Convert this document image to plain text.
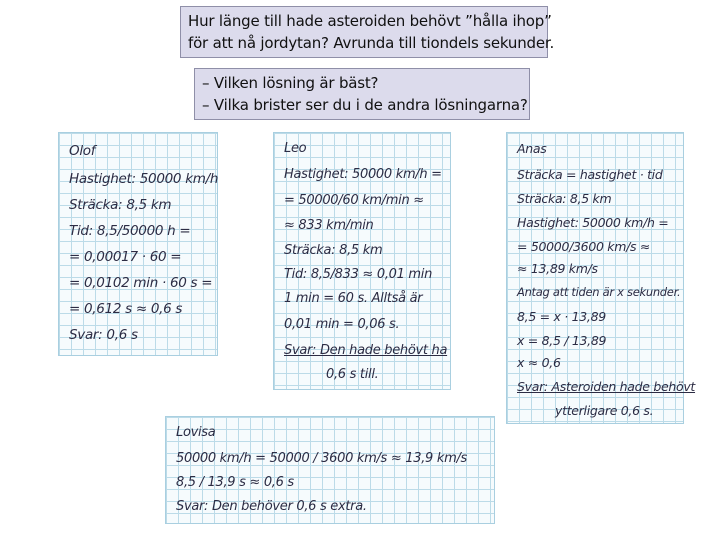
Hur länge till hade asteroiden behövt ”hålla ihop”
för att nå jordytan? Avrunda till tiondels sekunder.
– Vilken lösning är bäst?
– Vilka brister ser du i de andra lösningarna?
Olof
Hastighet: 50000 km/h
Sträcka: 8,5 km
Tid: 8,5/50000 h =
= 0,00017 · 60 =
= 0,0102 min · 60 s =
= 0,612 s ≈ 0,6 s
Svar: 0,6 s
Leo
Hastighet: 50000 km/h =
= 50000/60 km/min ≈
≈ 833 km/min
Sträcka: 8,5 km
Tid: 8,5/833 ≈ 0,01 min
1 min = 60 s. Alltså är
0,01 min = 0,06 s.
Svar: Den hade behövt ha
0,6 s till.
Anas
Sträcka = hastighet · tid
Sträcka: 8,5 km
Hastighet: 50000 km/h =
= 50000/3600 km/s ≈
≈ 13,89 km/s
Antag att tiden är x sekunder.
8,5 = x · 13,89
x = 8,5 / 13,89
x ≈ 0,6
Svar: Asteroiden hade behövt
ytterligare 0,6 s.
Lovisa
50000 km/h = 50000 / 3600 km/s ≈ 13,9 km/s
8,5 / 13,9 s ≈ 0,6 s
Svar: Den behöver 0,6 s extra.
